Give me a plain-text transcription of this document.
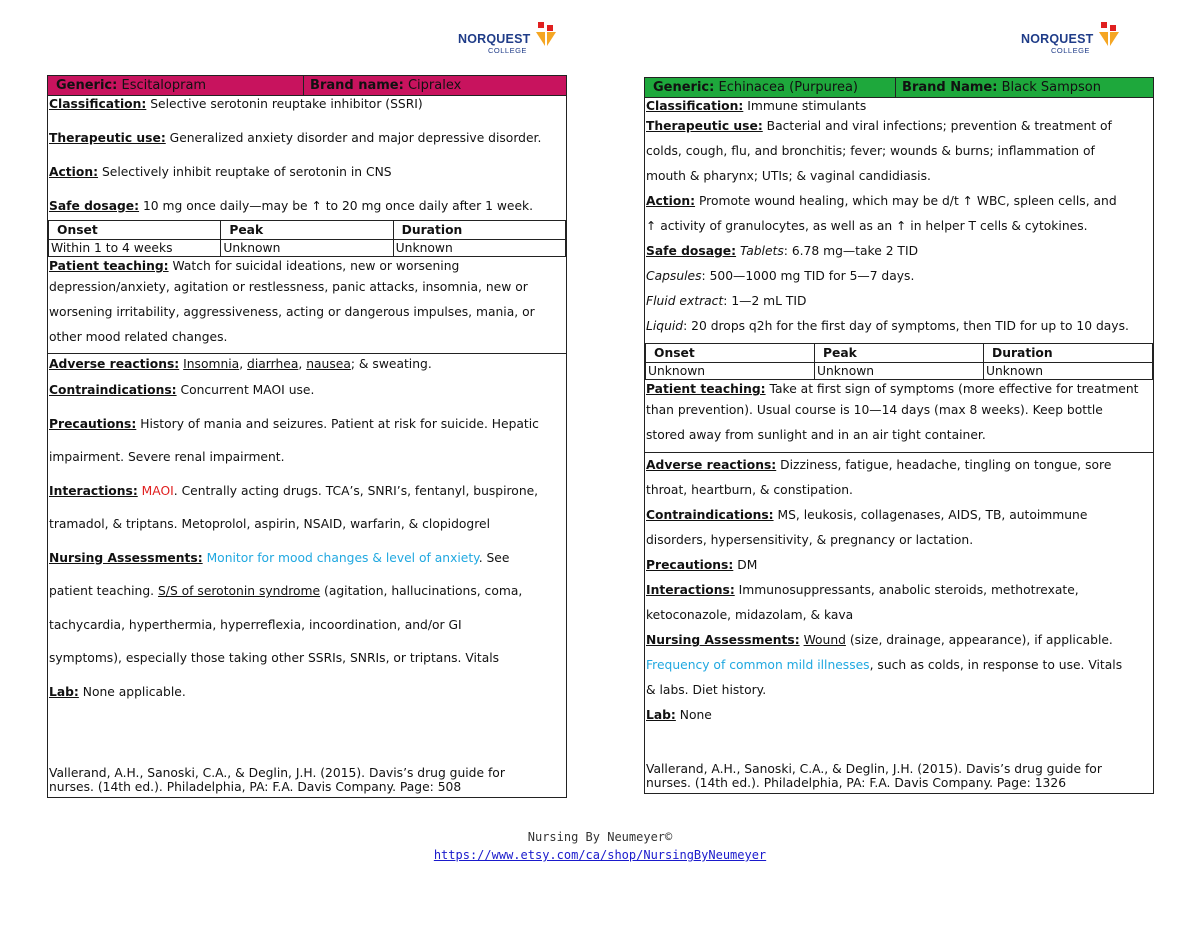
NORQUEST
COLLEGE
NORQUEST
COLLEGE
Generic: Escitalopram	Brand name: Cipralex
Classification: Selective serotonin reuptake inhibitor (SSRI)
Therapeutic use: Generalized anxiety disorder and major depressive disorder.
Action: Selectively inhibit reuptake of serotonin in CNS
Safe dosage: 10 mg once daily—may be ↑ to 20 mg once daily after 1 week.
Onset	Peak	Duration
Within 1 to 4 weeks	Unknown	Unknown
Patient teaching: Watch for suicidal ideations, new or worsening
depression/anxiety, agitation or restlessness, panic attacks, insomnia, new or
worsening irritability, aggressiveness, acting or dangerous impulses, mania, or
other mood related changes.
Adverse reactions: Insomnia, diarrhea, nausea; & sweating.
Contraindications: Concurrent MAOI use.
Precautions: History of mania and seizures. Patient at risk for suicide. Hepatic
impairment. Severe renal impairment.
Interactions: MAOI. Centrally acting drugs. TCA’s, SNRI’s, fentanyl, buspirone,
tramadol, & triptans. Metoprolol, aspirin, NSAID, warfarin, & clopidogrel
Nursing Assessments: Monitor for mood changes & level of anxiety. See
patient teaching. S/S of serotonin syndrome (agitation, hallucinations, coma,
tachycardia, hyperthermia, hyperreflexia, incoordination, and/or GI
symptoms), especially those taking other SSRIs, SNRIs, or triptans. Vitals
Lab: None applicable.
Vallerand, A.H., Sanoski, C.A., & Deglin, J.H. (2015). Davis’s drug guide for
nurses. (14th ed.). Philadelphia, PA: F.A. Davis Company. Page: 508
Generic: Echinacea (Purpurea)	Brand Name: Black Sampson
Classification: Immune stimulants
Therapeutic use: Bacterial and viral infections; prevention & treatment of
colds, cough, flu, and bronchitis; fever; wounds & burns; inflammation of
mouth & pharynx; UTIs; & vaginal candidiasis.
Action: Promote wound healing, which may be d/t ↑ WBC, spleen cells, and
↑ activity of granulocytes, as well as an ↑ in helper T cells & cytokines.
Safe dosage: Tablets: 6.78 mg—take 2 TID
Capsules: 500—1000 mg TID for 5—7 days.
Fluid extract: 1—2 mL TID
Liquid: 20 drops q2h for the first day of symptoms, then TID for up to 10 days.
Onset	Peak	Duration
Unknown	Unknown	Unknown
Patient teaching: Take at first sign of symptoms (more effective for treatment
than prevention). Usual course is 10—14 days (max 8 weeks). Keep bottle
stored away from sunlight and in an air tight container.
Adverse reactions: Dizziness, fatigue, headache, tingling on tongue, sore
throat, heartburn, & constipation.
Contraindications: MS, leukosis, collagenases, AIDS, TB, autoimmune
disorders, hypersensitivity, & pregnancy or lactation.
Precautions: DM
Interactions: Immunosuppressants, anabolic steroids, methotrexate,
ketoconazole, midazolam, & kava
Nursing Assessments: Wound (size, drainage, appearance), if applicable.
Frequency of common mild illnesses, such as colds, in response to use. Vitals
& labs. Diet history.
Lab: None
Vallerand, A.H., Sanoski, C.A., & Deglin, J.H. (2015). Davis’s drug guide for
nurses. (14th ed.). Philadelphia, PA: F.A. Davis Company. Page: 1326
Nursing By Neumeyer©
https://www.etsy.com/ca/shop/NursingByNeumeyer
